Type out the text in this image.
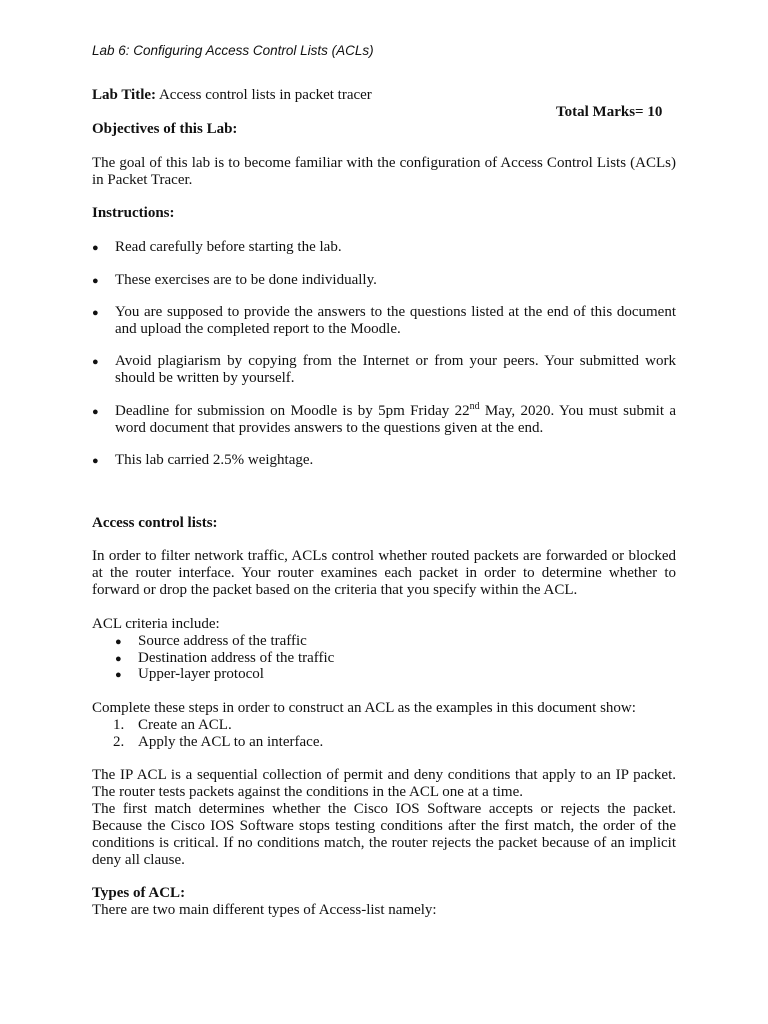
Lab 6: Configuring Access Control Lists (ACLs)
Lab Title: Access control lists in packet tracer
Total Marks= 10
Objectives of this Lab:
The goal of this lab is to become familiar with the configuration of Access Control Lists (ACLs) in Packet Tracer.
Instructions:
● Read carefully before starting the lab.
● These exercises are to be done individually.
● You are supposed to provide the answers to the questions listed at the end of this document and upload the completed report to the Moodle.
● Avoid plagiarism by copying from the Internet or from your peers. Your submitted work should be written by yourself.
● Deadline for submission on Moodle is by 5pm Friday 22nd May, 2020. You must submit a word document that provides answers to the questions given at the end.
● This lab carried 2.5% weightage.
Access control lists:
In order to filter network traffic, ACLs control whether routed packets are forwarded or blocked at the router interface. Your router examines each packet in order to determine whether to forward or drop the packet based on the criteria that you specify within the ACL.
ACL criteria include:
● Source address of the traffic
● Destination address of the traffic
● Upper-layer protocol
Complete these steps in order to construct an ACL as the examples in this document show:
1. Create an ACL.
2. Apply the ACL to an interface.
The IP ACL is a sequential collection of permit and deny conditions that apply to an IP packet. The router tests packets against the conditions in the ACL one at a time.
The first match determines whether the Cisco IOS Software accepts or rejects the packet. Because the Cisco IOS Software stops testing conditions after the first match, the order of the conditions is critical. If no conditions match, the router rejects the packet because of an implicit deny all clause.
Types of ACL:
There are two main different types of Access-list namely:
